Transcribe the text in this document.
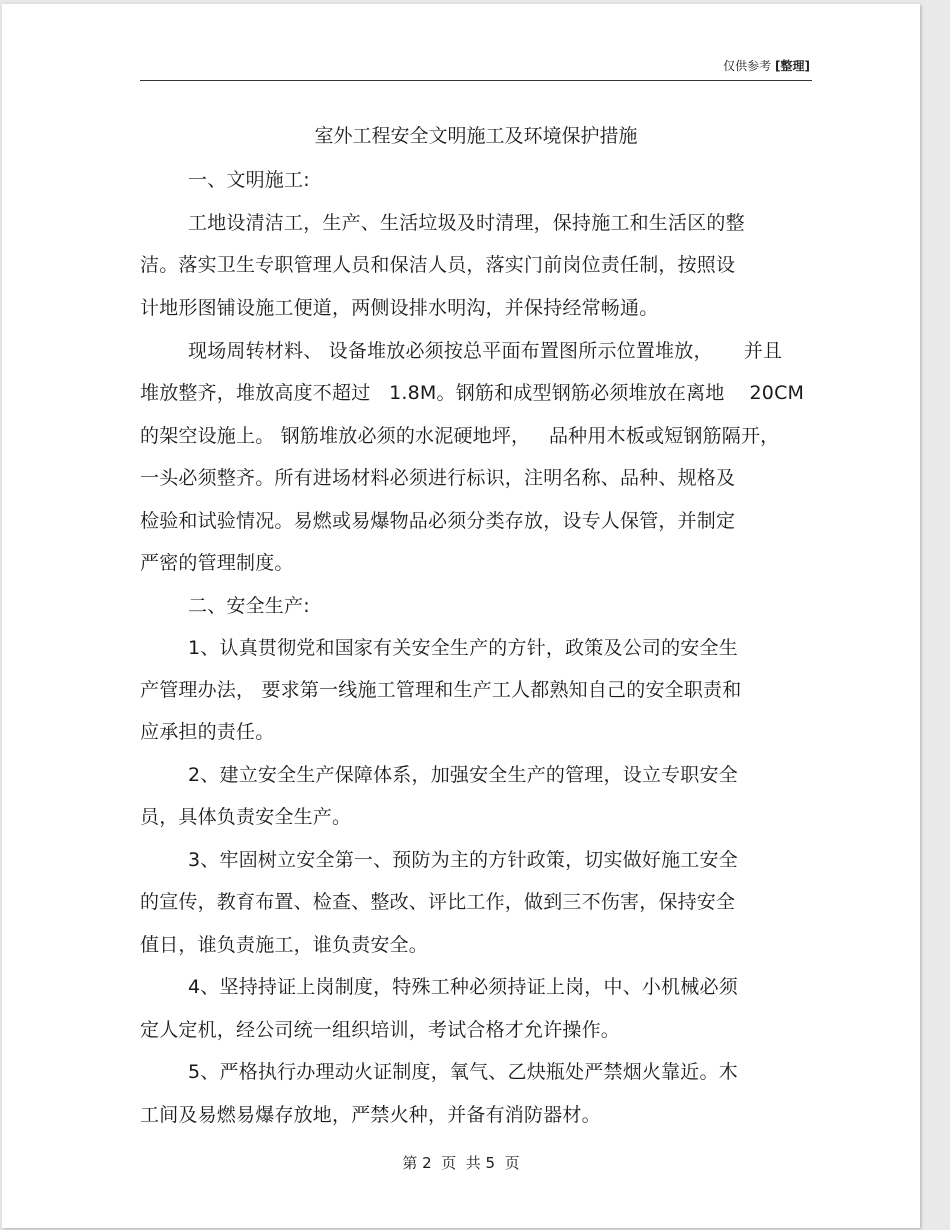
仅供参考 [整理]
室外工程安全文明施工及环境保护措施
一、文明施工:
工地设清洁工，生产、生活垃圾及时清理，保持施工和生活区的整
洁。落实卫生专职管理人员和保洁人员，落实门前岗位责任制，按照设
计地形图铺设施工便道，两侧设排水明沟，并保持经常畅通。
现场周转材料、 设备堆放必须按总平面布置图所示位置堆放，     并且
堆放整齐，堆放高度不超过   1.8M。钢筋和成型钢筋必须堆放在离地    20CM
的架空设施上。 钢筋堆放必须的水泥硬地坪，   品种用木板或短钢筋隔开，
一头必须整齐。所有进场材料必须进行标识，注明名称、品种、规格及
检验和试验情况。易燃或易爆物品必须分类存放，设专人保管，并制定
严密的管理制度。
二、安全生产:
1、认真贯彻党和国家有关安全生产的方针，政策及公司的安全生
产管理办法， 要求第一线施工管理和生产工人都熟知自己的安全职责和
应承担的责任。
2、建立安全生产保障体系，加强安全生产的管理，设立专职安全
员，具体负责安全生产。
3、牢固树立安全第一、预防为主的方针政策，切实做好施工安全
的宣传，教育布置、检查、整改、评比工作，做到三不伤害，保持安全
值日，谁负责施工，谁负责安全。
4、坚持持证上岗制度，特殊工种必须持证上岗，中、小机械必须
定人定机，经公司统一组织培训，考试合格才允许操作。
5、严格执行办理动火证制度，氧气、乙炔瓶处严禁烟火靠近。木
工间及易燃易爆存放地，严禁火种，并备有消防器材。
第 2  页  共 5  页
